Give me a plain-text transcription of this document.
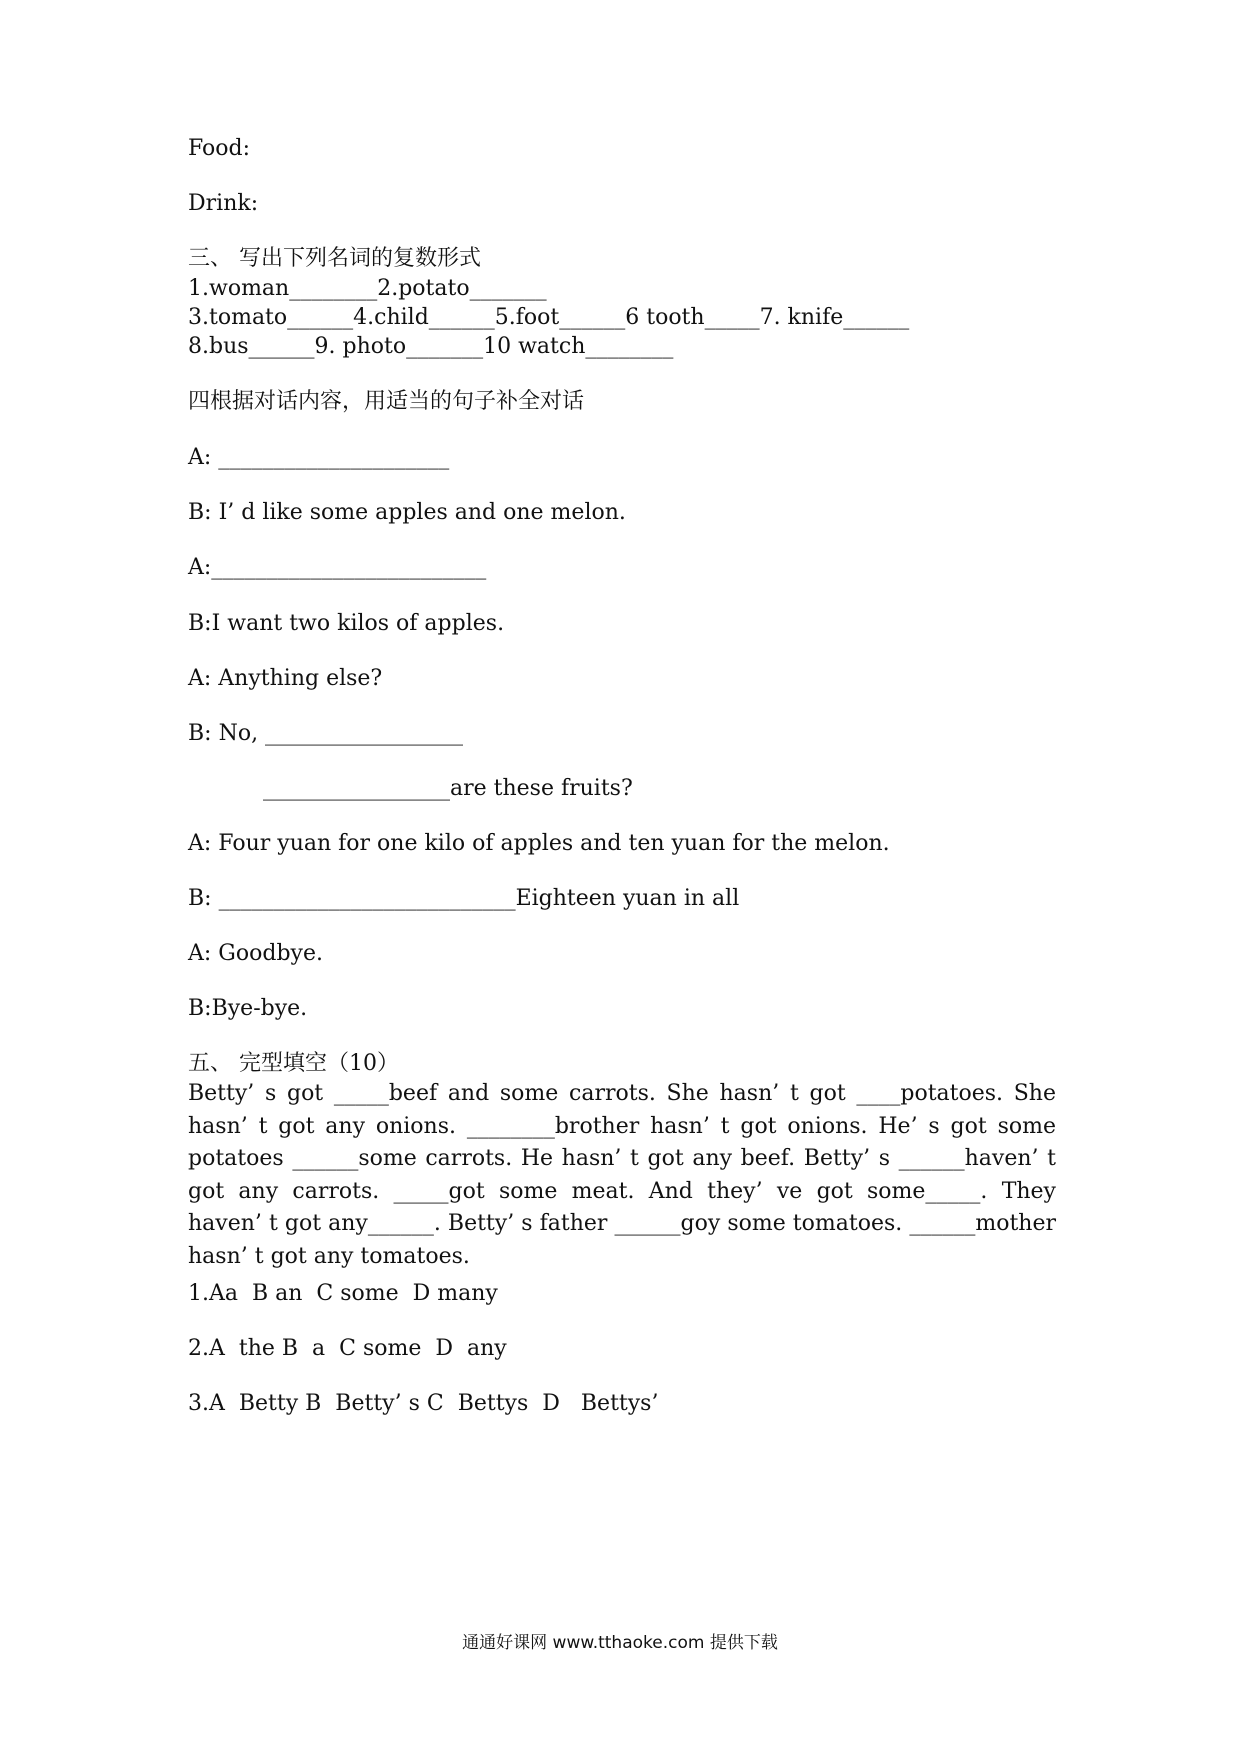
Food:

Drink:

三、 写出下列名词的复数形式

1.woman________2.potato_______

3.tomato______4.child______5.foot______6 tooth_____7. knife______

8.bus______9. photo_______10 watch________

四根据对话内容，用适当的句子补全对话

A: _____________________

B: I’ d like some apples and one melon.

A:_________________________

B:I want two kilos of apples.

A: Anything else?

B: No, __________________

_________________are these fruits?

A: Four yuan for one kilo of apples and ten yuan for the melon.

B: ___________________________Eighteen yuan in all

A: Goodbye.

B:Bye-bye.

五、 完型填空（10）

Betty’ s got _____beef and some carrots. She hasn’ t got ____potatoes. She hasn’ t got any onions. ________brother hasn’ t got onions. He’ s got some potatoes ______some carrots. He hasn’ t got any beef. Betty’ s ______haven’ t got any carrots. _____got some meat. And they’ ve got some_____. They haven’ t got any______. Betty’ s father ______goy some tomatoes. ______mother hasn’ t got any tomatoes.

1.Aa  B an  C some  D many

2.A  the B  a  C some  D  any

3.A  Betty B  Betty’ s C  Bettys  D   Bettys’

通通好课网 www.tthaoke.com 提供下载
